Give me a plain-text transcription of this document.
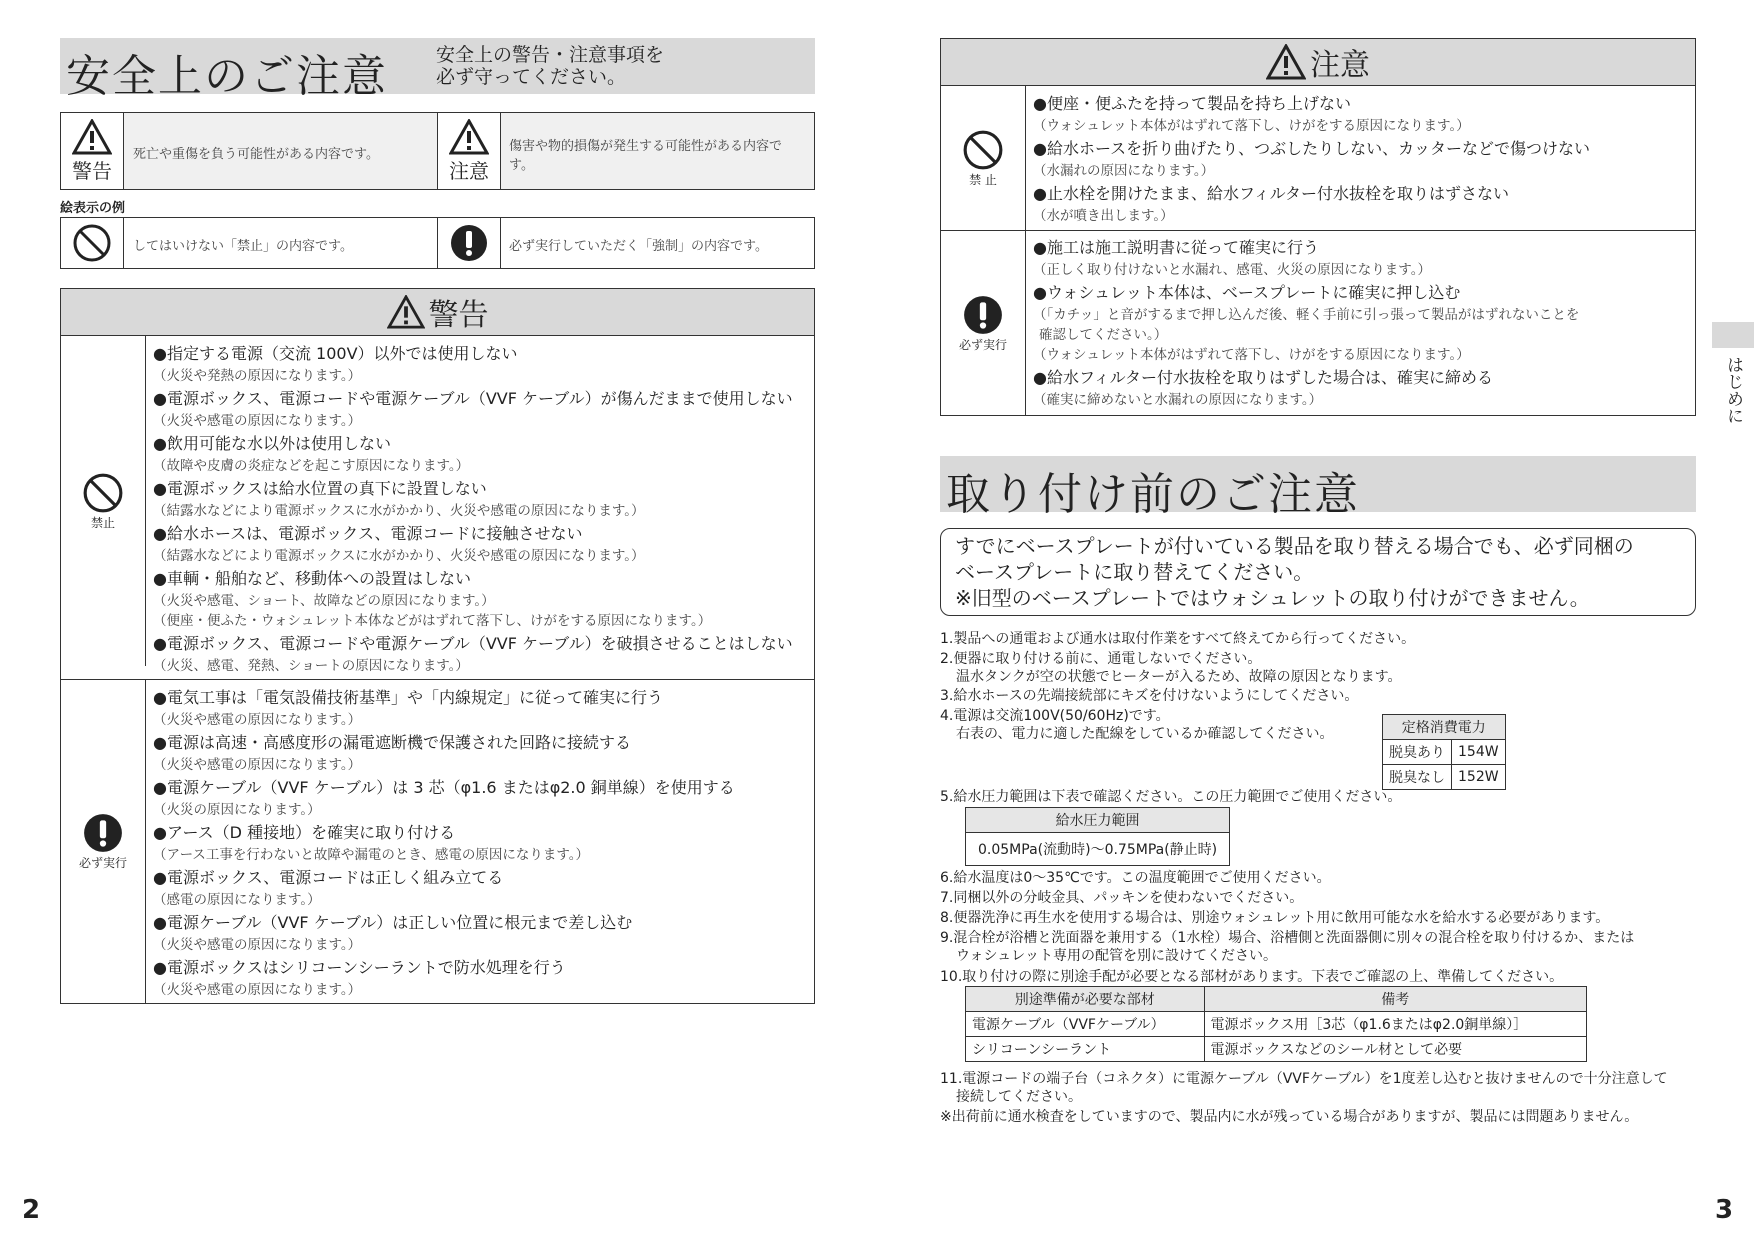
安全上のご注意	安全上の警告・注意事項を
必ず守ってください。
警告
死亡や重傷を負う可能性がある内容です。
注意
傷害や物的損傷が発生する可能性がある内容です。
絵表示の例
してはいけない「禁止」の内容です。	必ず実行していただく「強制」の内容です。
警告
禁止
●指定する電源（交流 100V）以外では使用しない
（火災や発熱の原因になります。）
●電源ボックス、電源コードや電源ケーブル（VVF ケーブル）が傷んだままで使用しない
（火災や感電の原因になります。）
●飲用可能な水以外は使用しない
（故障や皮膚の炎症などを起こす原因になります。）
●電源ボックスは給水位置の真下に設置しない
（結露水などにより電源ボックスに水がかかり、火災や感電の原因になります。）
●給水ホースは、電源ボックス、電源コードに接触させない
（結露水などにより電源ボックスに水がかかり、火災や感電の原因になります。）
●車輌・船舶など、移動体への設置はしない
（火災や感電、ショート、故障などの原因になります。）
（便座・便ふた・ウォシュレット本体などがはずれて落下し、けがをする原因になります。）
●電源ボックス、電源コードや電源ケーブル（VVF ケーブル）を破損させることはしない
（火災、感電、発熱、ショートの原因になります。）
必ず実行
●電気工事は「電気設備技術基準」や「内線規定」に従って確実に行う
（火災や感電の原因になります。）
●電源は高速・高感度形の漏電遮断機で保護された回路に接続する
（火災や感電の原因になります。）
●電源ケーブル（VVF ケーブル）は 3 芯（φ1.6 またはφ2.0 銅単線）を使用する
（火災の原因になります。）
●アース（D 種接地）を確実に取り付ける
（アース工事を行わないと故障や漏電のとき、感電の原因になります。）
●電源ボックス、電源コードは正しく組み立てる
（感電の原因になります。）
●電源ケーブル（VVF ケーブル）は正しい位置に根元まで差し込む
（火災や感電の原因になります。）
●電源ボックスはシリコーンシーラントで防水処理を行う
（火災や感電の原因になります。）
2
注意
禁 止
●便座・便ふたを持って製品を持ち上げない
（ウォシュレット本体がはずれて落下し、けがをする原因になります。）
●給水ホースを折り曲げたり、つぶしたりしない、カッターなどで傷つけない
（水漏れの原因になります。）
●止水栓を開けたまま、給水フィルター付水抜栓を取りはずさない
（水が噴き出します。）
必ず実行
●施工は施工説明書に従って確実に行う
（正しく取り付けないと水漏れ、感電、火災の原因になります。）
●ウォシュレット本体は、ベースプレートに確実に押し込む
（「カチッ」と音がするまで押し込んだ後、軽く手前に引っ張って製品がはずれないことを
確認してください。）
（ウォシュレット本体がはずれて落下し、けがをする原因になります。）
●給水フィルター付水抜栓を取りはずした場合は、確実に締める
（確実に締めないと水漏れの原因になります。）	はじめに
取り付け前のご注意
すでにベースプレートが付いている製品を取り替える場合でも、必ず同梱の
ベースプレートに取り替えてください。
※旧型のベースプレートではウォシュレットの取り付けができません。
1.製品への通電および通水は取付作業をすべて終えてから行ってください。
2.便器に取り付ける前に、通電しないでください。
温水タンクが空の状態でヒーターが入るため、故障の原因となります。
3.給水ホースの先端接続部にキズを付けないようにしてください。
4.電源は交流100V(50/60Hz)です。
右表の、電力に適した配線をしているか確認してください。	定格消費電力	
脱臭あり	154W
脱臭なし	152W
5.給水圧力範囲は下表で確認ください。この圧力範囲でご使用ください。
給水圧力範囲
0.05MPa(流動時)～0.75MPa(静止時)
6.給水温度は0～35℃です。この温度範囲でご使用ください。
7.同梱以外の分岐金具、パッキンを使わないでください。
8.便器洗浄に再生水を使用する場合は、別途ウォシュレット用に飲用可能な水を給水する必要があります。
9.混合栓が浴槽と洗面器を兼用する（1水栓）場合、浴槽側と洗面器側に別々の混合栓を取り付けるか、または
ウォシュレット専用の配管を別に設けてください。
10.取り付けの際に別途手配が必要となる部材があります。下表でご確認の上、準備してください。
別途準備が必要な部材	備考
電源ケーブル（VVFケーブル）	電源ボックス用［3芯（φ1.6またはφ2.0銅単線）］
シリコーンシーラント	電源ボックスなどのシール材として必要
11.電源コードの端子台（コネクタ）に電源ケーブル（VVFケーブル）を1度差し込むと抜けませんので十分注意して
接続してください。
※出荷前に通水検査をしていますので、製品内に水が残っている場合がありますが、製品には問題ありません。
3
